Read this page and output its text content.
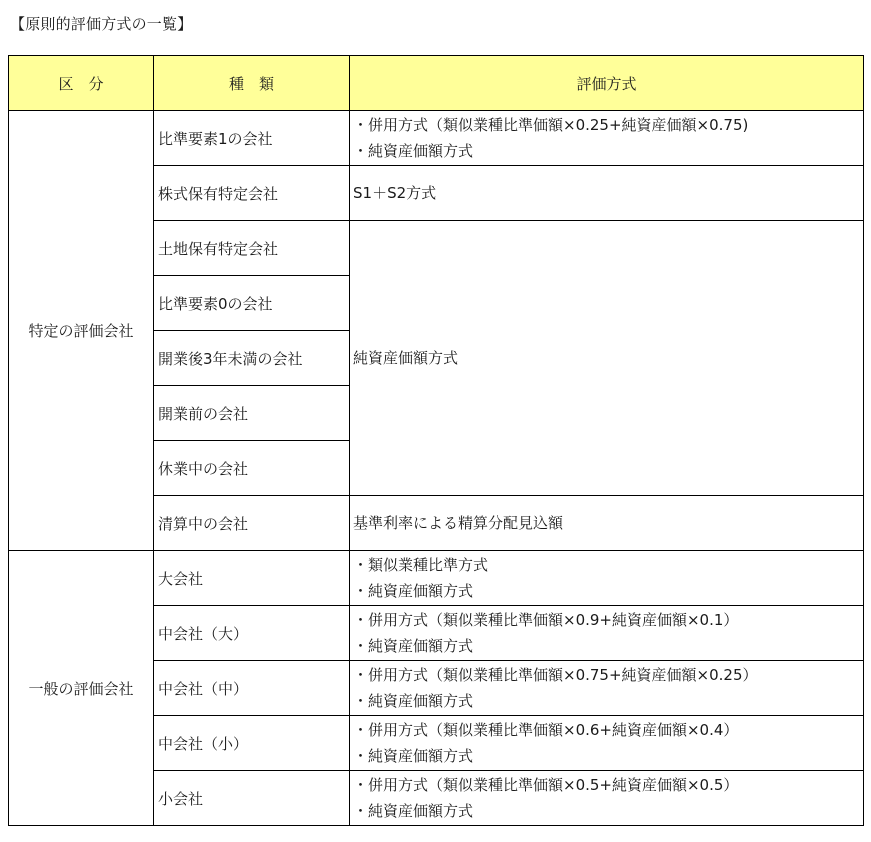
【原則的評価方式の一覧】
区　分	種　類	評価方式
特定の評価会社	比準要素1の会社	・併用方式（類似業種比準価額×0.25+純資産価額×0.75)
・純資産価額方式

	株式保有特定会社	S1＋S2方式

	土地保有特定会社	純資産価額方式

	比準要素0の会社	
	開業後3年未満の会社	
	開業前の会社	
	休業中の会社	
	清算中の会社	基準利率による精算分配見込額

一般の評価会社	大会社	・類似業種比準方式
・純資産価額方式

	中会社（大）	・併用方式（類似業種比準価額×0.9+純資産価額×0.1）
・純資産価額方式

	中会社（中）	・併用方式（類似業種比準価額×0.75+純資産価額×0.25）
・純資産価額方式

	中会社（小）	・併用方式（類似業種比準価額×0.6+純資産価額×0.4）
・純資産価額方式

	小会社	・併用方式（類似業種比準価額×0.5+純資産価額×0.5）
・純資産価額方式
